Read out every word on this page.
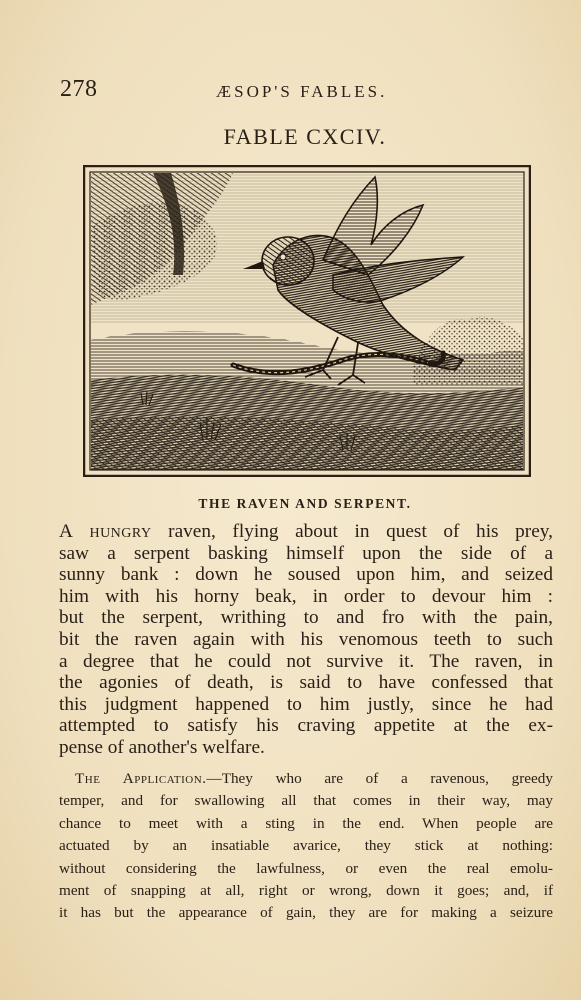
278	ÆSOP'S FABLES.
FABLE CXCIV.
THE RAVEN AND SERPENT.
A hungry raven, flying about in quest of his prey,
saw a serpent basking himself upon the side of a
sunny bank : down he soused upon him, and seized
him with his horny beak, in order to devour him :
but the serpent, writhing to and fro with the pain,
bit the raven again with his venomous teeth to such
a degree that he could not survive it. The raven, in
the agonies of death, is said to have confessed that
this judgment happened to him justly, since he had
attempted to satisfy his craving appetite at the ex-
pense of another's welfare.
The Application.—They who are of a ravenous, greedy
temper, and for swallowing all that comes in their way, may
chance to meet with a sting in the end. When people are
actuated by an insatiable avarice, they stick at nothing:
without considering the lawfulness, or even the real emolu-
ment of snapping at all, right or wrong, down it goes; and, if
it has but the appearance of gain, they are for making a seizure
